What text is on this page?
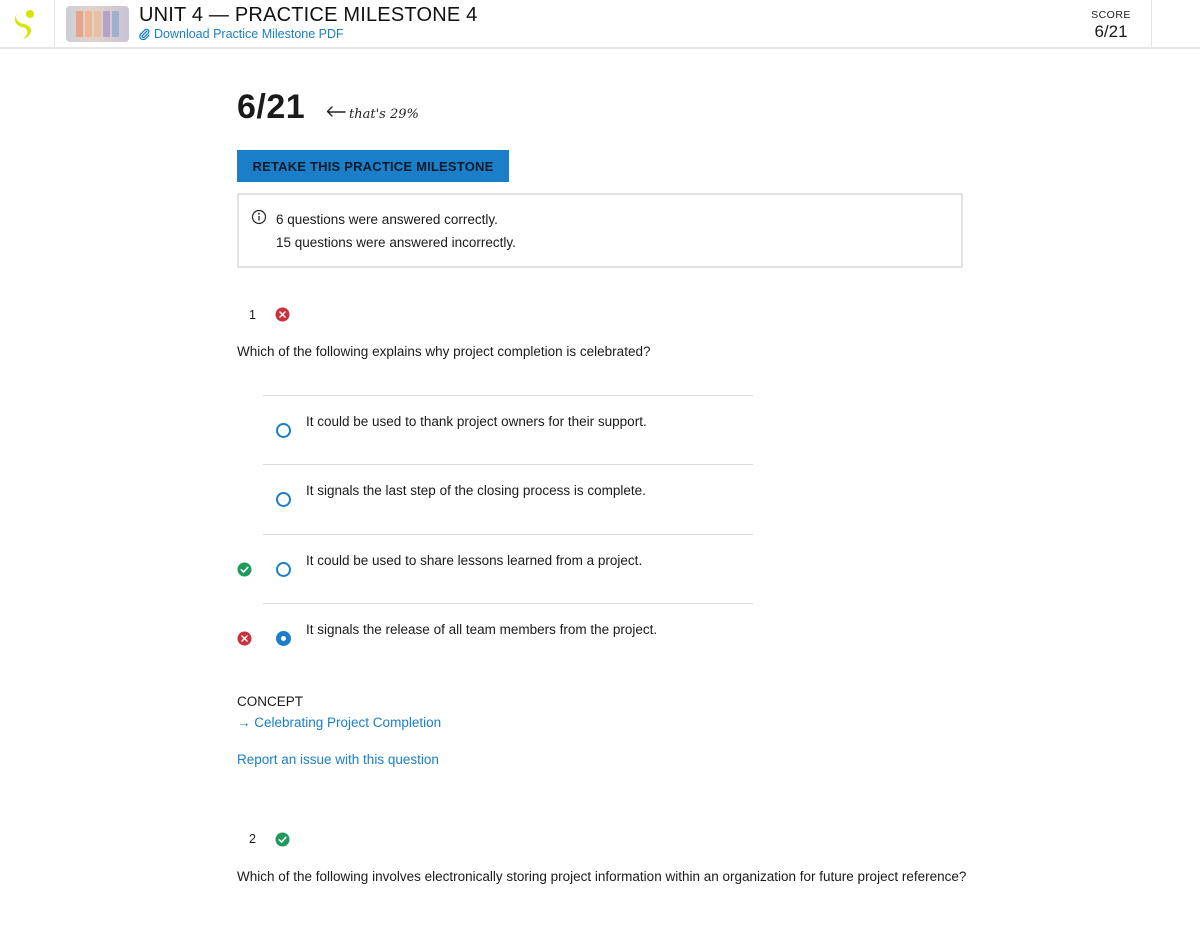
UNIT 4 — PRACTICE MILESTONE 4
Download Practice Milestone PDF
SCORE
6/21
6/21	that's 29%
RETAKE THIS PRACTICE MILESTONE
6 questions were answered correctly.
15 questions were answered incorrectly.
1
Which of the following explains why project completion is celebrated?
It could be used to thank project owners for their support.
It signals the last step of the closing process is complete.
It could be used to share lessons learned from a project.
It signals the release of all team members from the project.
CONCEPT
→ Celebrating Project Completion
Report an issue with this question
2
Which of the following involves electronically storing project information within an organization for future project reference?
